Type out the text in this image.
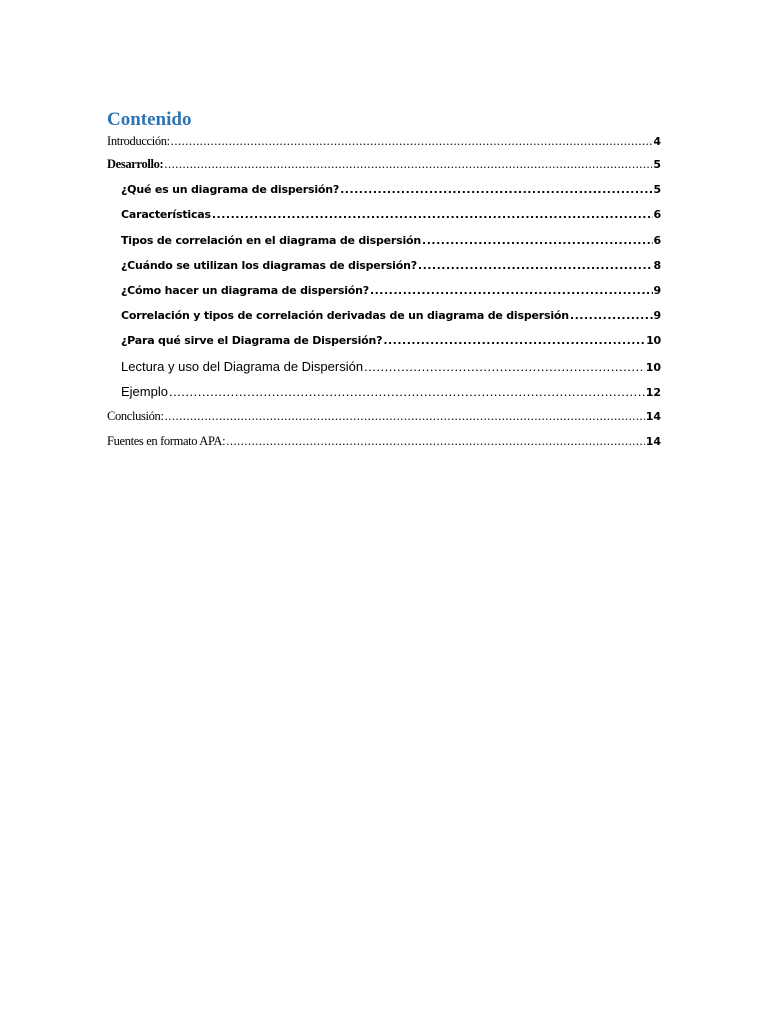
Contenido
Introducción: .....	4
Desarrollo: .....	5
¿Qué es un diagrama de dispersión? .....	5
Características .....	6
Tipos de correlación en el diagrama de dispersión .....	6
¿Cuándo se utilizan los diagramas de dispersión? .....	8
¿Cómo hacer un diagrama de dispersión? .....	9
Correlación y tipos de correlación derivadas de un diagrama de dispersión .....	9
¿Para qué sirve el Diagrama de Dispersión? .....	10
Lectura y uso del Diagrama de Dispersión .....	10
Ejemplo .....	12
Conclusión: .....	14
Fuentes en formato APA: .....	14
